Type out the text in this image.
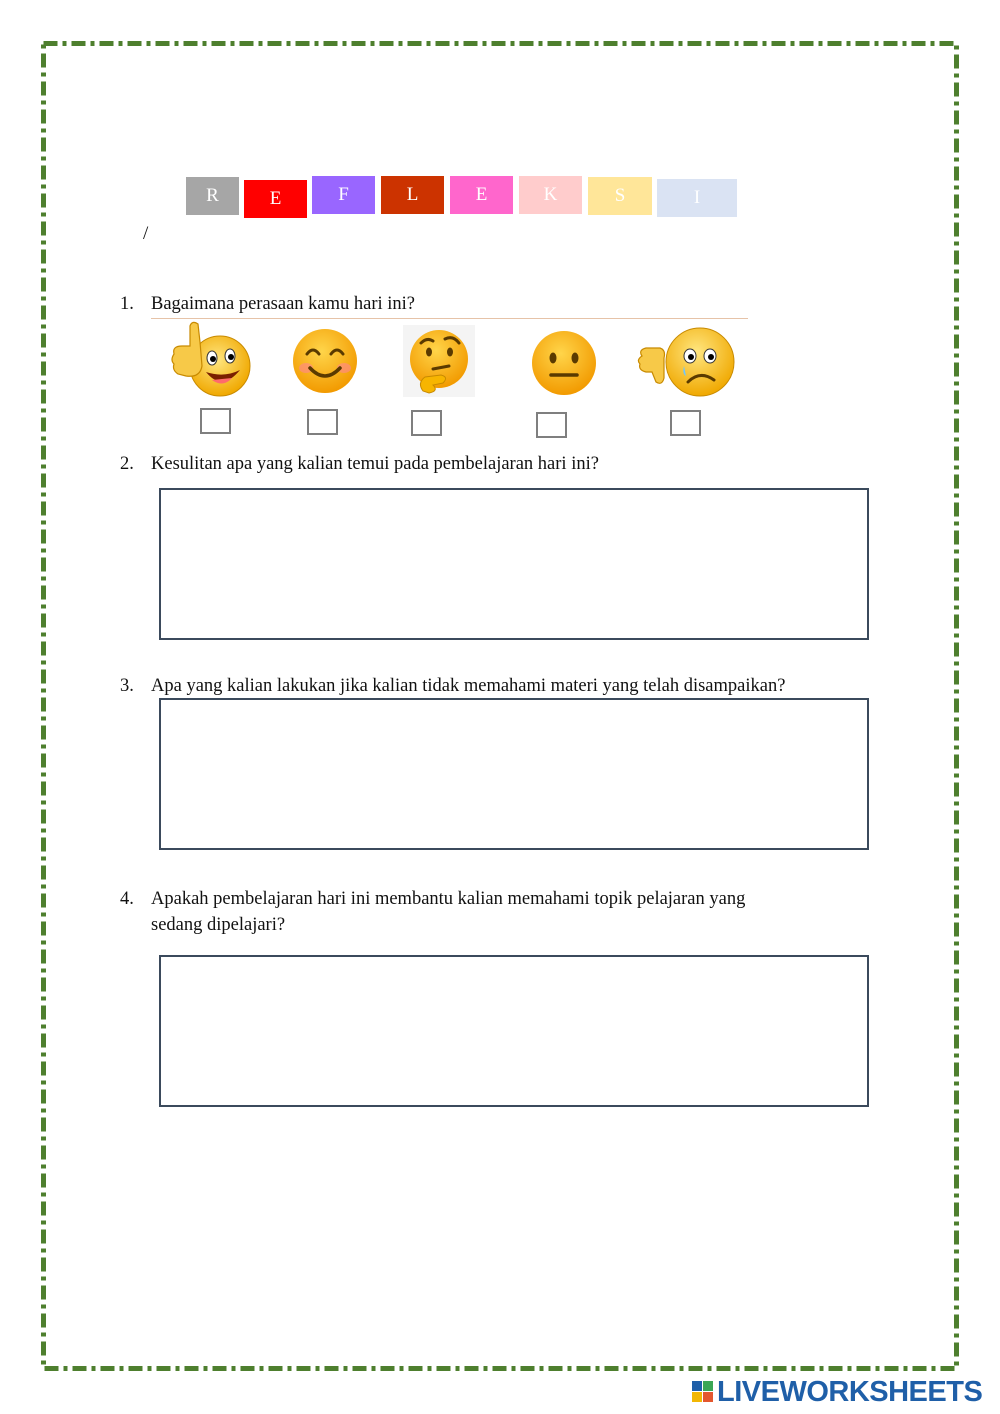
R	E	F	L	E	K	S	I
/
1. Bagaimana perasaan kamu hari ini?
2. Kesulitan apa yang kalian temui pada pembelajaran hari ini?
3. Apa yang kalian lakukan jika kalian tidak memahami materi yang telah disampaikan?
4. Apakah pembelajaran hari ini membantu kalian memahami topik pelajaran yang
sedang dipelajari?
LIVEWORKSHEETS
